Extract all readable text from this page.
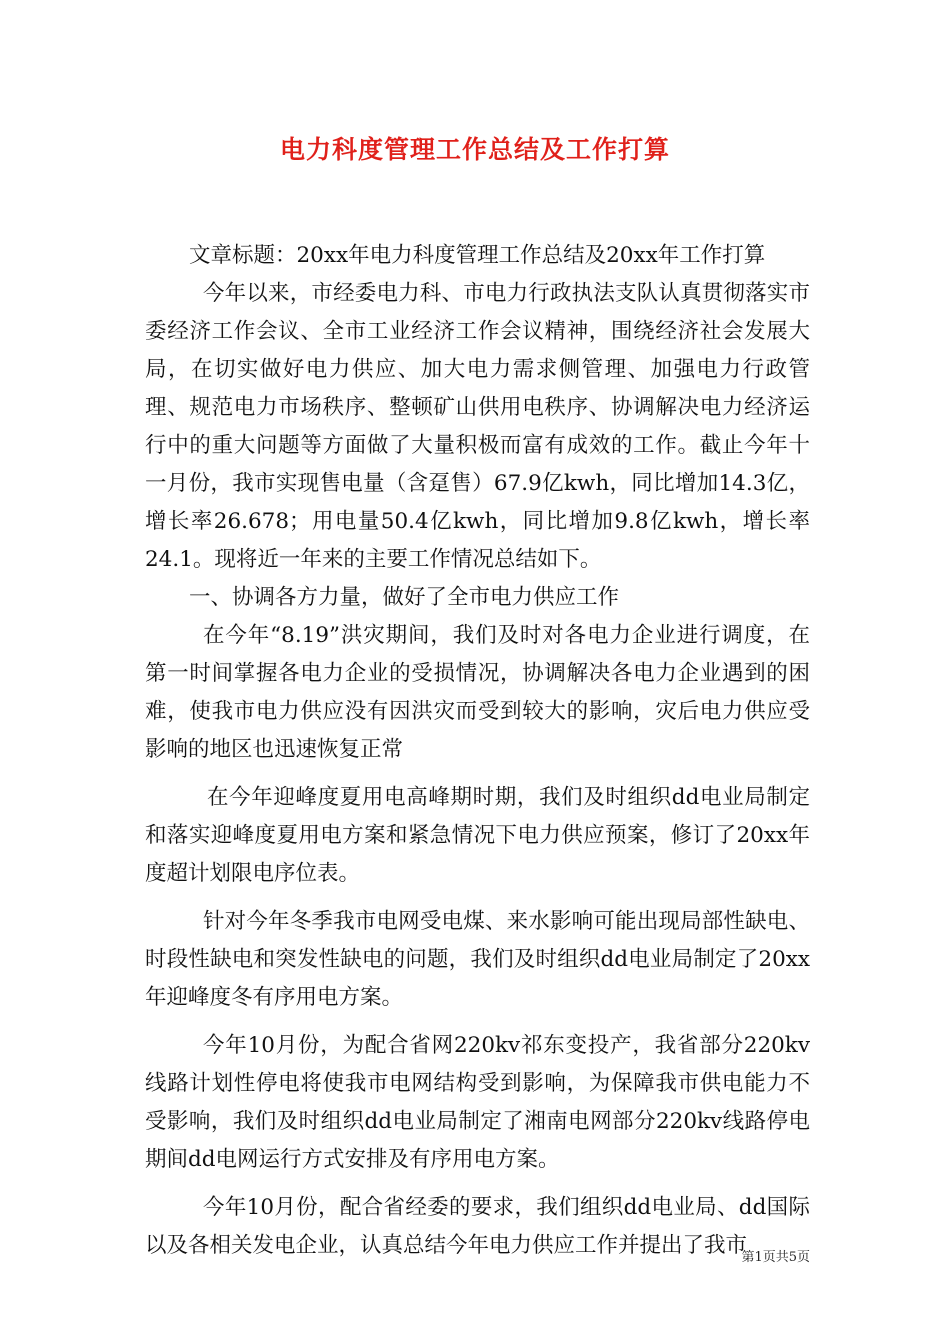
电力科度管理工作总结及工作打算

文章标题：20xx年电力科度管理工作总结及20xx年工作打算

今年以来，市经委电力科、市电力行政执法支队认真贯彻落实市委经济工作会议、全市工业经济工作会议精神，围绕经济社会发展大局，在切实做好电力供应、加大电力需求侧管理、加强电力行政管理、规范电力市场秩序、整顿矿山供用电秩序、协调解决电力经济运行中的重大问题等方面做了大量积极而富有成效的工作。截止今年十一月份，我市实现售电量（含趸售）67.9亿kwh，同比增加14.3亿，增长率26.678；用电量50.4亿kwh，同比增加9.8亿kwh，增长率24.1。现将近一年来的主要工作情况总结如下。

一、协调各方力量，做好了全市电力供应工作

在今年“8.19”洪灾期间，我们及时对各电力企业进行调度，在第一时间掌握各电力企业的受损情况，协调解决各电力企业遇到的困难，使我市电力供应没有因洪灾而受到较大的影响，灾后电力供应受影响的地区也迅速恢复正常

在今年迎峰度夏用电高峰期时期，我们及时组织dd电业局制定和落实迎峰度夏用电方案和紧急情况下电力供应预案，修订了20xx年度超计划限电序位表。

针对今年冬季我市电网受电煤、来水影响可能出现局部性缺电、时段性缺电和突发性缺电的问题，我们及时组织dd电业局制定了20xx年迎峰度冬有序用电方案。

今年10月份，为配合省网220kv祁东变投产，我省部分220kv线路计划性停电将使我市电网结构受到影响，为保障我市供电能力不受影响，我们及时组织dd电业局制定了湘南电网部分220kv线路停电期间dd电网运行方式安排及有序用电方案。

今年10月份，配合省经委的要求，我们组织dd电业局、dd国际以及各相关发电企业，认真总结今年电力供应工作并提出了我市

第1页共5页
